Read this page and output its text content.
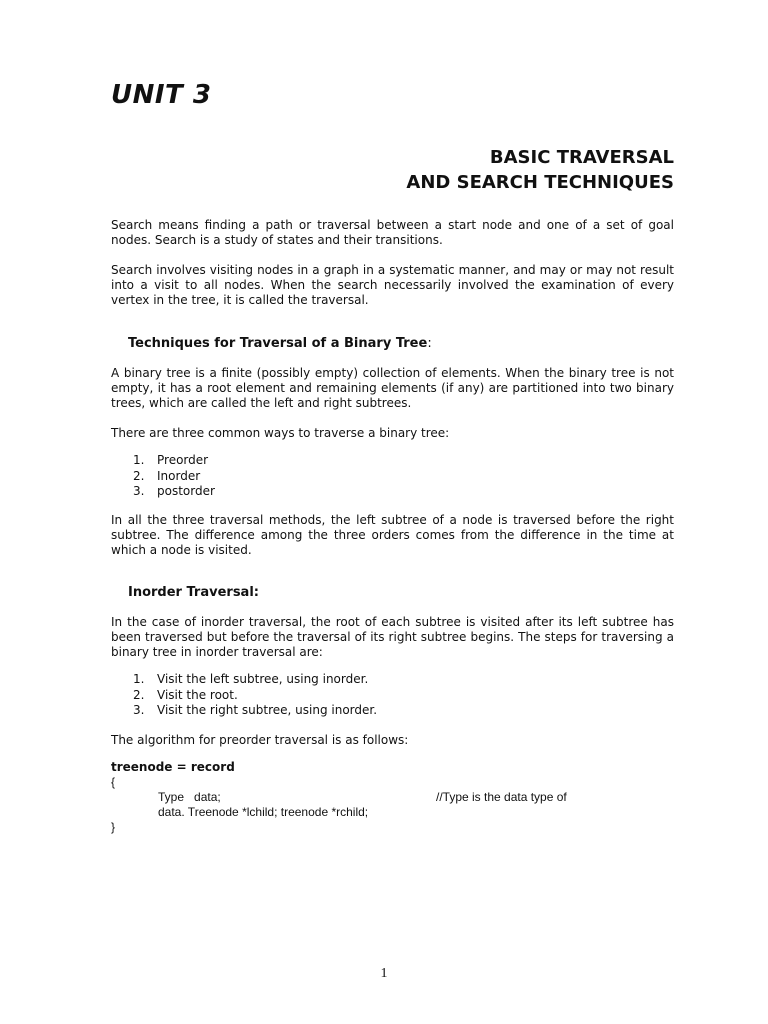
UNIT 3
BASIC TRAVERSAL
AND SEARCH TECHNIQUES

Search means finding a path or traversal between a start node and one of a set of goal nodes. Search is a study of states and their transitions.

Search involves visiting nodes in a graph in a systematic manner, and may or may not result into a visit to all nodes. When the search necessarily involved the examination of every vertex in the tree, it is called the traversal.

Techniques for Traversal of a Binary Tree:

A binary tree is a finite (possibly empty) collection of elements. When the binary tree is not empty, it has a root element and remaining elements (if any) are partitioned into two binary trees, which are called the left and right subtrees.

There are three common ways to traverse a binary tree:

1.	Preorder
2.	Inorder
3.	postorder

In all the three traversal methods, the left subtree of a node is traversed before the right subtree. The difference among the three orders comes from the difference in the time at which a node is visited.

Inorder Traversal:

In the case of inorder traversal, the root of each subtree is visited after its left subtree has been traversed but before the traversal of its right subtree begins. The steps for traversing a binary tree in inorder traversal are:

1.	Visit the left subtree, using inorder.
2.	Visit the root.
3.	Visit the right subtree, using inorder.

The algorithm for preorder traversal is as follows:

treenode = record
{
Type   data;	//Type is the data type of
data. Treenode *lchild; treenode *rchild;
}
1
